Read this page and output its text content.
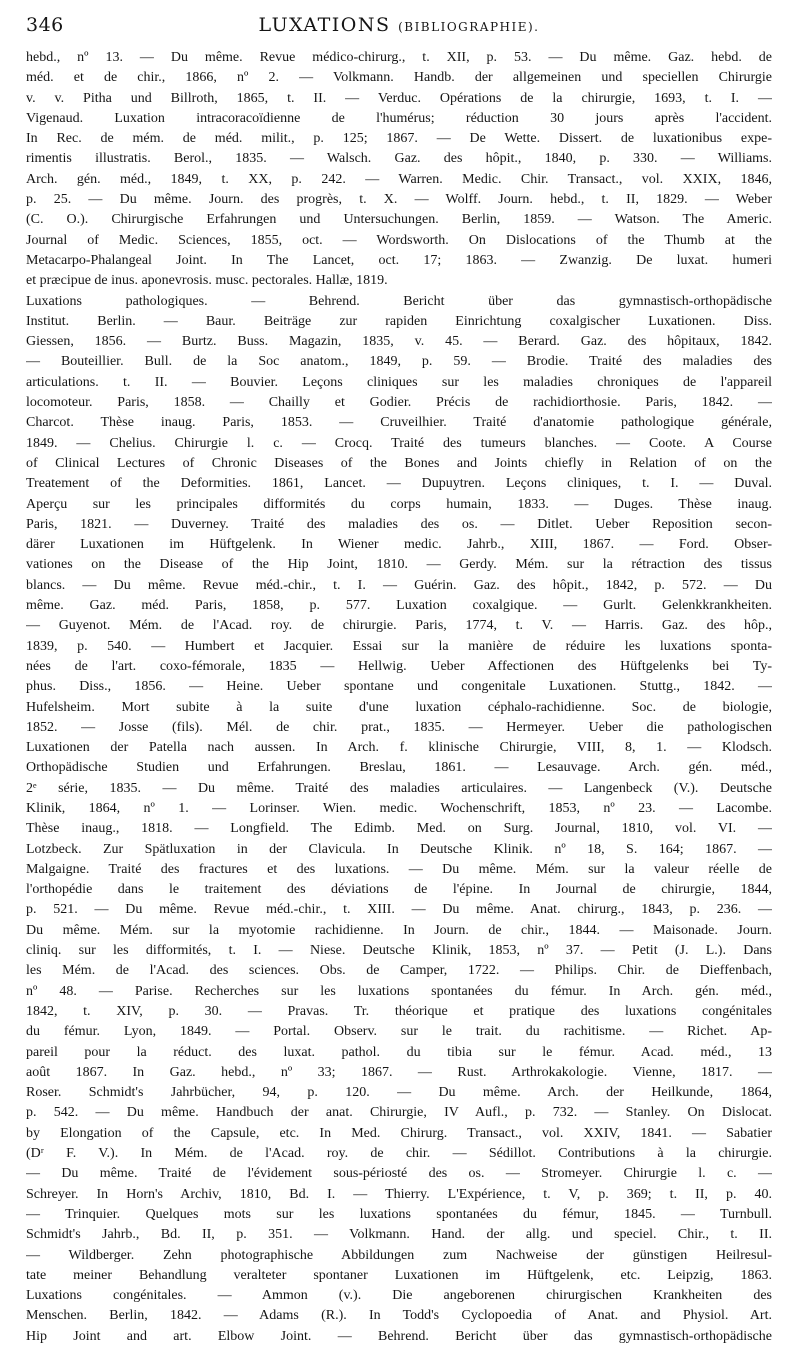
346	LUXATIONS (BIBLIOGRAPHIE).
hebd., nº 13. — Du même. Revue médico-chirurg., t. XII, p. 53. — Du même. Gaz. hebd. de
méd. et de chir., 1866, nº 2. — Volkmann. Handb. der allgemeinen und speciellen Chirurgie
v. v. Pitha und Billroth, 1865, t. II. — Verduc. Opérations de la chirurgie, 1693, t. I. —
Vigenaud. Luxation intracoracoïdienne de l'humérus; réduction 30 jours après l'accident.
In Rec. de mém. de méd. milit., p. 125; 1867. — De Wette. Dissert. de luxationibus expe-
rimentis illustratis. Berol., 1835. — Walsch. Gaz. des hôpit., 1840, p. 330. — Williams.
Arch. gén. méd., 1849, t. XX, p. 242. — Warren. Medic. Chir. Transact., vol. XXIX, 1846,
p. 25. — Du même. Journ. des progrès, t. X. — Wolff. Journ. hebd., t. II, 1829. — Weber
(C. O.). Chirurgische Erfahrungen und Untersuchungen. Berlin, 1859. — Watson. The Americ.
Journal of Medic. Sciences, 1855, oct. — Wordsworth. On Dislocations of the Thumb at the
Metacarpo-Phalangeal Joint. In The Lancet, oct. 17; 1863. — Zwanzig. De luxat. humeri
et præcipue de inus. aponevrosis. musc. pectorales. Hallæ, 1819.
Luxations pathologiques. — Behrend. Bericht über das gymnastisch-orthopädische
Institut. Berlin. — Baur. Beiträge zur rapiden Einrichtung coxalgischer Luxationen. Diss.
Giessen, 1856. — Burtz. Buss. Magazin, 1835, v. 45. — Berard. Gaz. des hôpitaux, 1842.
— Bouteillier. Bull. de la Soc anatom., 1849, p. 59. — Brodie. Traité des maladies des
articulations. t. II. — Bouvier. Leçons cliniques sur les maladies chroniques de l'appareil
locomoteur. Paris, 1858. — Chailly et Godier. Précis de rachidiorthosie. Paris, 1842. —
Charcot. Thèse inaug. Paris, 1853. — Cruveilhier. Traité d'anatomie pathologique générale,
1849. — Chelius. Chirurgie l. c. — Crocq. Traité des tumeurs blanches. — Coote. A Course
of Clinical Lectures of Chronic Diseases of the Bones and Joints chiefly in Relation of on the
Treatement of the Deformities. 1861, Lancet. — Dupuytren. Leçons cliniques, t. I. — Duval.
Aperçu sur les principales difformités du corps humain, 1833. — Duges. Thèse inaug.
Paris, 1821. — Duverney. Traité des maladies des os. — Ditlet. Ueber Reposition secon-
därer Luxationen im Hüftgelenk. In Wiener medic. Jahrb., XIII, 1867. — Ford. Obser-
vationes on the Disease of the Hip Joint, 1810. — Gerdy. Mém. sur la rétraction des tissus
blancs. — Du même. Revue méd.-chir., t. I. — Guérin. Gaz. des hôpit., 1842, p. 572. — Du
même. Gaz. méd. Paris, 1858, p. 577. Luxation coxalgique. — Gurlt. Gelenkkrankheiten.
— Guyenot. Mém. de l'Acad. roy. de chirurgie. Paris, 1774, t. V. — Harris. Gaz. des hôp.,
1839, p. 540. — Humbert et Jacquier. Essai sur la manière de réduire les luxations sponta-
nées de l'art. coxo-fémorale, 1835 — Hellwig. Ueber Affectionen des Hüftgelenks bei Ty-
phus. Diss., 1856. — Heine. Ueber spontane und congenitale Luxationen. Stuttg., 1842. —
Hufelsheim. Mort subite à la suite d'une luxation céphalo-rachidienne. Soc. de biologie,
1852. — Josse (fils). Mél. de chir. prat., 1835. — Hermeyer. Ueber die pathologischen
Luxationen der Patella nach aussen. In Arch. f. klinische Chirurgie, VIII, 8, 1. — Klodsch.
Orthopädische Studien und Erfahrungen. Breslau, 1861. — Lesauvage. Arch. gén. méd.,
2ᵉ série, 1835. — Du même. Traité des maladies articulaires. — Langenbeck (V.). Deutsche
Klinik, 1864, nº 1. — Lorinser. Wien. medic. Wochenschrift, 1853, nº 23. — Lacombe.
Thèse inaug., 1818. — Longfield. The Edimb. Med. on Surg. Journal, 1810, vol. VI. —
Lotzbeck. Zur Spätluxation in der Clavicula. In Deutsche Klinik. nº 18, S. 164; 1867. —
Malgaigne. Traité des fractures et des luxations. — Du même. Mém. sur la valeur réelle de
l'orthopédie dans le traitement des déviations de l'épine. In Journal de chirurgie, 1844,
p. 521. — Du même. Revue méd.-chir., t. XIII. — Du même. Anat. chirurg., 1843, p. 236. —
Du même. Mém. sur la myotomie rachidienne. In Journ. de chir., 1844. — Maisonade. Journ.
cliniq. sur les difformités, t. I. — Niese. Deutsche Klinik, 1853, nº 37. — Petit (J. L.). Dans
les Mém. de l'Acad. des sciences. Obs. de Camper, 1722. — Philips. Chir. de Dieffenbach,
nº 48. — Parise. Recherches sur les luxations spontanées du fémur. In Arch. gén. méd.,
1842, t. XIV, p. 30. — Pravas. Tr. théorique et pratique des luxations congénitales
du fémur. Lyon, 1849. — Portal. Observ. sur le trait. du rachitisme. — Richet. Ap-
pareil pour la réduct. des luxat. pathol. du tibia sur le fémur. Acad. méd., 13
août 1867. In Gaz. hebd., nº 33; 1867. — Rust. Arthrokakologie. Vienne, 1817. —
Roser. Schmidt's Jahrbücher, 94, p. 120. — Du même. Arch. der Heilkunde, 1864,
p. 542. — Du même. Handbuch der anat. Chirurgie, IV Aufl., p. 732. — Stanley. On Dislocat.
by Elongation of the Capsule, etc. In Med. Chirurg. Transact., vol. XXIV, 1841. — Sabatier
(Dʳ F. V.). In Mém. de l'Acad. roy. de chir. — Sédillot. Contributions à la chirurgie.
— Du même. Traité de l'évidement sous-périosté des os. — Stromeyer. Chirurgie l. c. —
Schreyer. In Horn's Archiv, 1810, Bd. I. — Thierry. L'Expérience, t. V, p. 369; t. II, p. 40.
— Trinquier. Quelques mots sur les luxations spontanées du fémur, 1845. — Turnbull.
Schmidt's Jahrb., Bd. II, p. 351. — Volkmann. Hand. der allg. und speciel. Chir., t. II.
— Wildberger. Zehn photographische Abbildungen zum Nachweise der günstigen Heilresul-
tate meiner Behandlung veralteter spontaner Luxationen im Hüftgelenk, etc. Leipzig, 1863.
Luxations congénitales. — Ammon (v.). Die angeborenen chirurgischen Krankheiten des
Menschen. Berlin, 1842. — Adams (R.). In Todd's Cyclopoedia of Anat. and Physiol. Art.
Hip Joint and art. Elbow Joint. — Behrend. Bericht über das gymnastisch-orthopädische
